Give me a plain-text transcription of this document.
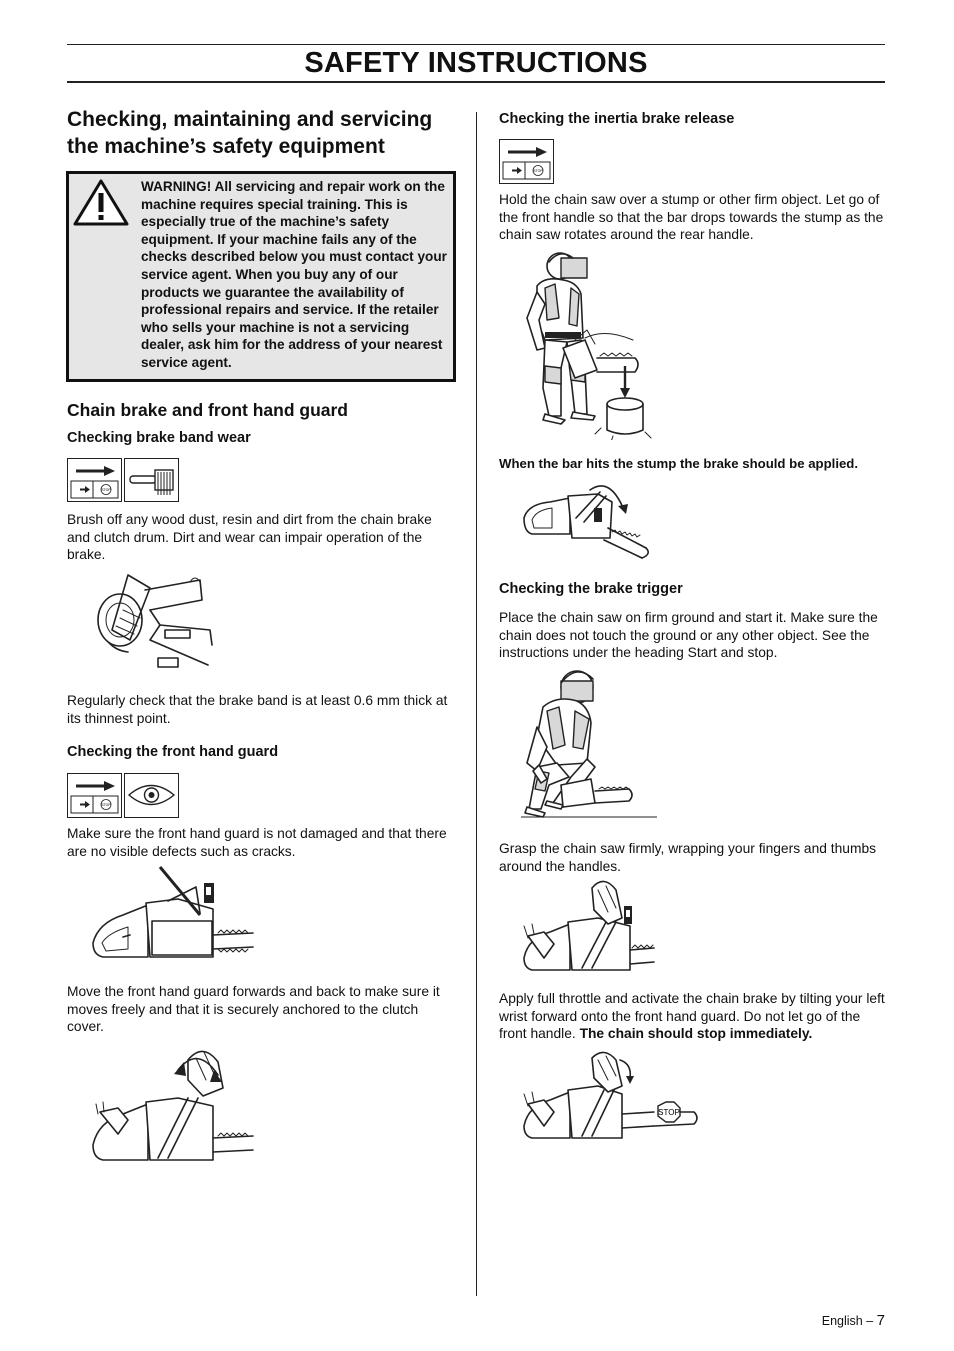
SAFETY INSTRUCTIONS
Checking, maintaining and servicing the machine’s safety equipment
WARNING! All servicing and repair work on the machine requires special training. This is especially true of the machine’s safety equipment. If your machine fails any of the checks described below you must contact your service agent. When you buy any of our products we guarantee the availability of professional repairs and service. If the retailer who sells your machine is not a servicing dealer, ask him for the address of your nearest service agent.
Chain brake and front hand guard
Checking brake band wear
STOP
Brush off any wood dust, resin and dirt from the chain brake and clutch drum. Dirt and wear can impair operation of the brake.
Regularly check that the brake band is at least 0.6 mm thick at its thinnest point.
Checking the front hand guard
STOP
Make sure the front hand guard is not damaged and that there are no visible defects such as cracks.
Move the front hand guard forwards and back to make sure it moves freely and that it is securely anchored to the clutch cover.
Checking the inertia brake release
STOP
Hold the chain saw over a stump or other firm object. Let go of the front handle so that the bar drops towards the stump as the chain saw rotates around the rear handle.
When the bar hits the stump the brake should be applied.
Checking the brake trigger
Place the chain saw on firm ground and start it. Make sure the chain does not touch the ground or any other object. See the instructions under the heading Start and stop.
Grasp the chain saw firmly, wrapping your fingers and thumbs around the handles.
Apply full throttle and activate the chain brake by tilting your left wrist forward onto the front hand guard. Do not let go of the front handle. The chain should stop immediately.
STOP
English – 7
